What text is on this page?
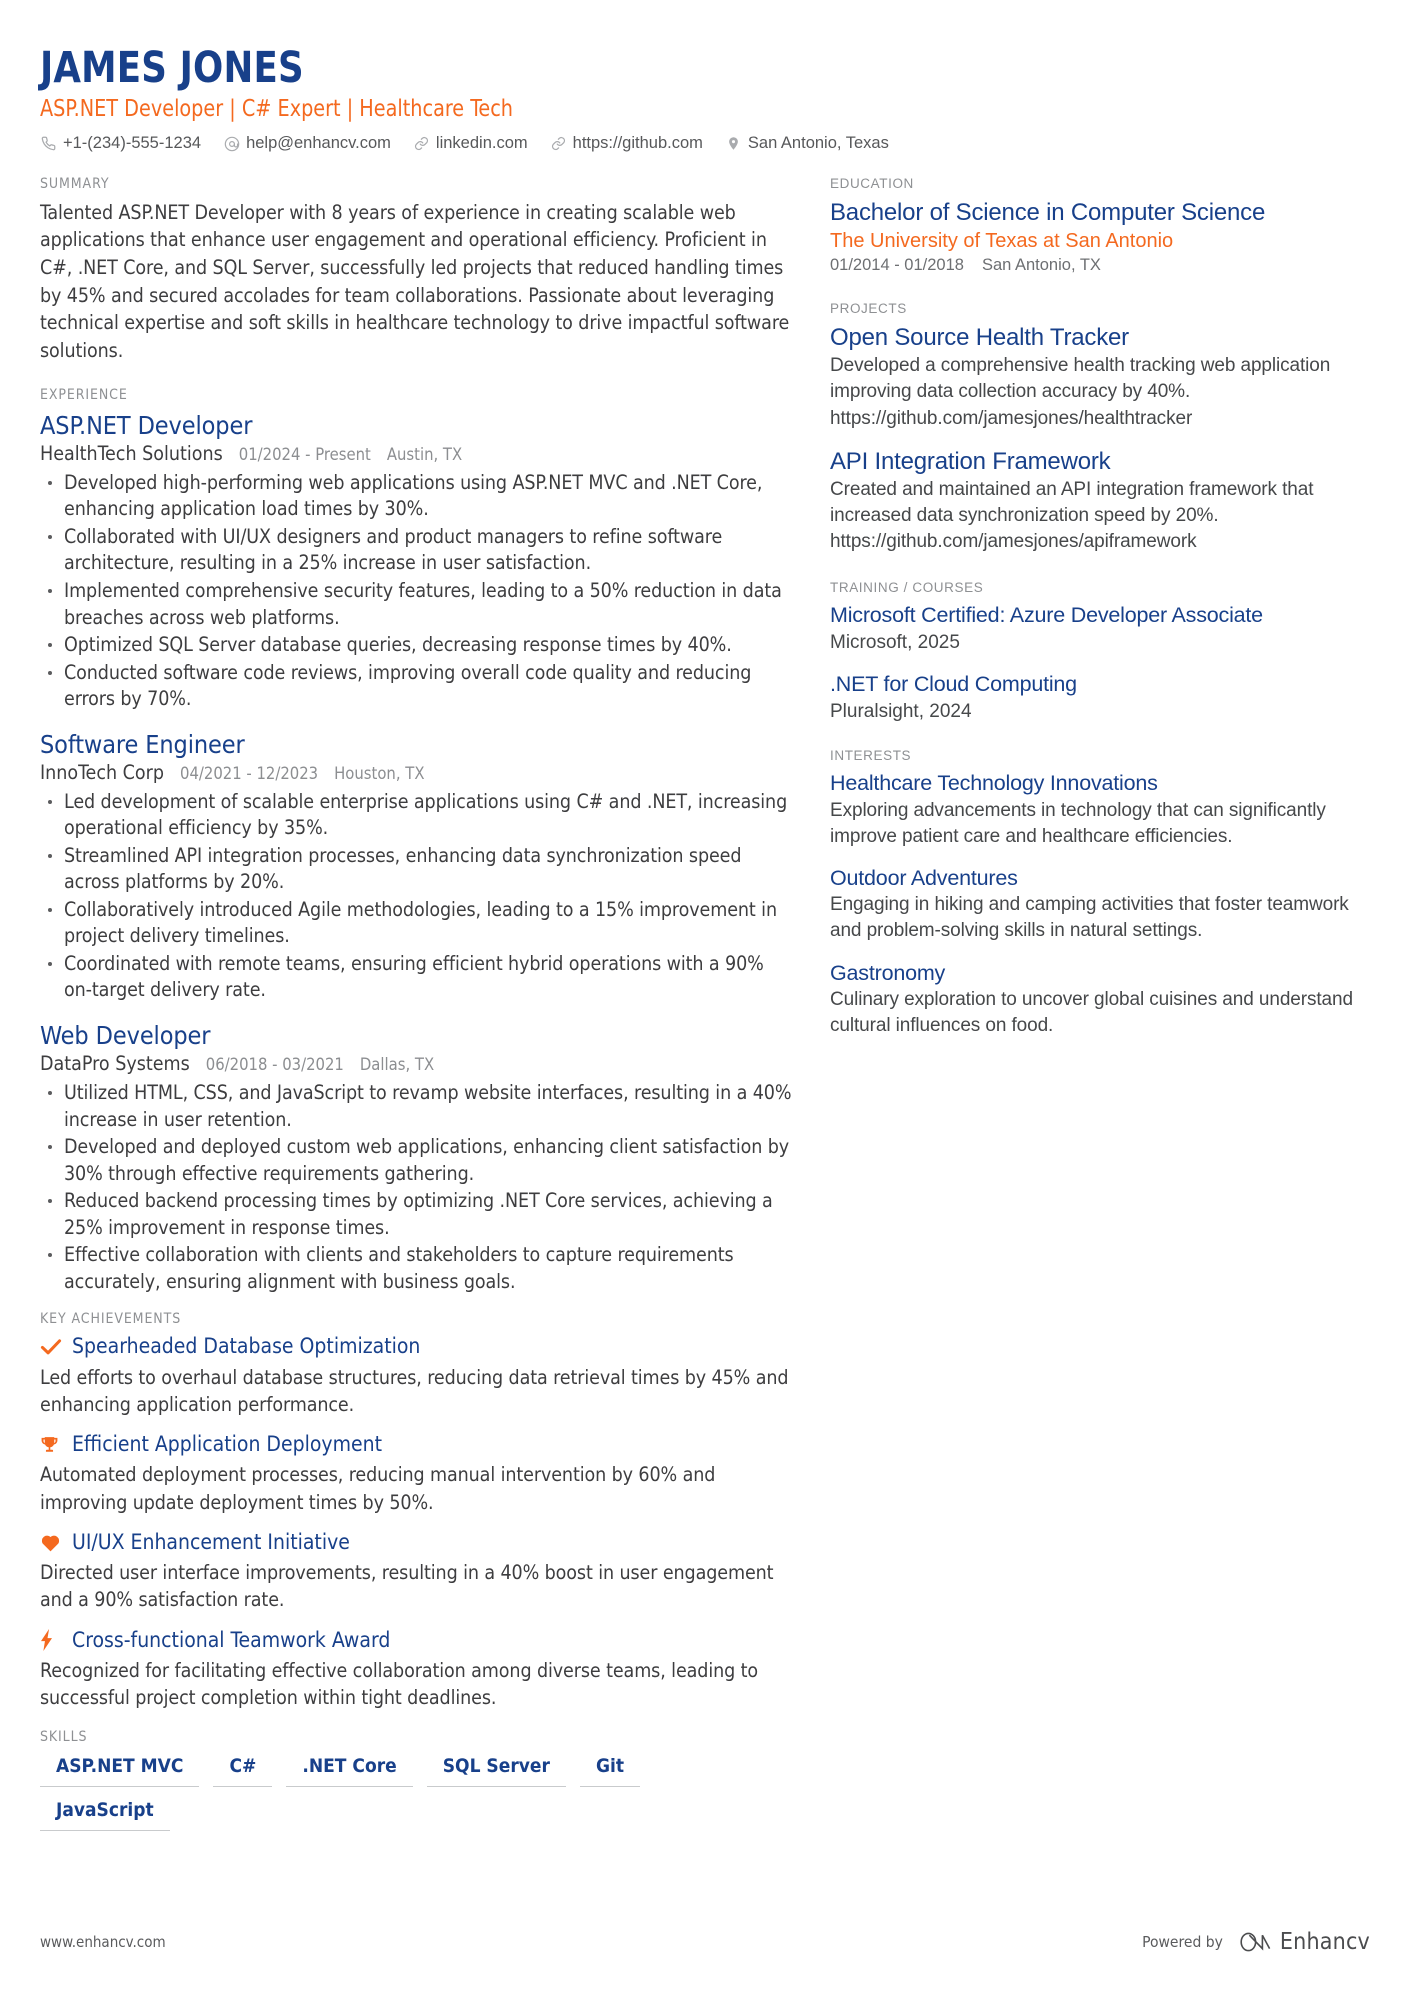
JAMES JONES
ASP.NET Developer | C# Expert | Healthcare Tech
+1-(234)-555-1234	help@enhancv.com	linkedin.com	https://github.com	San Antonio, Texas
SUMMARY
Talented ASP.NET Developer with 8 years of experience in creating scalable web applications that enhance user engagement and operational efficiency. Proficient in C#, .NET Core, and SQL Server, successfully led projects that reduced handling times by 45% and secured accolades for team collaborations. Passionate about leveraging technical expertise and soft skills in healthcare technology to drive impactful software solutions.
EXPERIENCE
ASP.NET Developer
HealthTech Solutions 01/2024 - Present Austin, TX
Developed high-performing web applications using ASP.NET MVC and .NET Core, enhancing application load times by 30%.
Collaborated with UI/UX designers and product managers to refine software architecture, resulting in a 25% increase in user satisfaction.
Implemented comprehensive security features, leading to a 50% reduction in data breaches across web platforms.
Optimized SQL Server database queries, decreasing response times by 40%.
Conducted software code reviews, improving overall code quality and reducing errors by 70%.
Software Engineer
InnoTech Corp 04/2021 - 12/2023 Houston, TX
Led development of scalable enterprise applications using C# and .NET, increasing operational efficiency by 35%.
Streamlined API integration processes, enhancing data synchronization speed across platforms by 20%.
Collaboratively introduced Agile methodologies, leading to a 15% improvement in project delivery timelines.
Coordinated with remote teams, ensuring efficient hybrid operations with a 90% on-target delivery rate.
Web Developer
DataPro Systems 06/2018 - 03/2021 Dallas, TX
Utilized HTML, CSS, and JavaScript to revamp website interfaces, resulting in a 40% increase in user retention.
Developed and deployed custom web applications, enhancing client satisfaction by 30% through effective requirements gathering.
Reduced backend processing times by optimizing .NET Core services, achieving a 25% improvement in response times.
Effective collaboration with clients and stakeholders to capture requirements accurately, ensuring alignment with business goals.
KEY ACHIEVEMENTS
Spearheaded Database Optimization
Led efforts to overhaul database structures, reducing data retrieval times by 45% and enhancing application performance.
Efficient Application Deployment
Automated deployment processes, reducing manual intervention by 60% and improving update deployment times by 50%.
UI/UX Enhancement Initiative
Directed user interface improvements, resulting in a 40% boost in user engagement and a 90% satisfaction rate.
Cross-functional Teamwork Award
Recognized for facilitating effective collaboration among diverse teams, leading to successful project completion within tight deadlines.
SKILLS
ASP.NET MVC	C#	.NET Core	SQL Server	Git
JavaScript
EDUCATION
Bachelor of Science in Computer Science
The University of Texas at San Antonio
01/2014 - 01/2018 San Antonio, TX
PROJECTS
Open Source Health Tracker
Developed a comprehensive health tracking web application improving data collection accuracy by 40%. https://github.com/jamesjones/healthtracker
API Integration Framework
Created and maintained an API integration framework that increased data synchronization speed by 20%. https://github.com/jamesjones/apiframework
TRAINING / COURSES
Microsoft Certified: Azure Developer Associate
Microsoft, 2025
.NET for Cloud Computing
Pluralsight, 2024
INTERESTS
Healthcare Technology Innovations
Exploring advancements in technology that can significantly improve patient care and healthcare efficiencies.
Outdoor Adventures
Engaging in hiking and camping activities that foster teamwork and problem-solving skills in natural settings.
Gastronomy
Culinary exploration to uncover global cuisines and understand cultural influences on food.
www.enhancv.com	Powered by Enhancv
